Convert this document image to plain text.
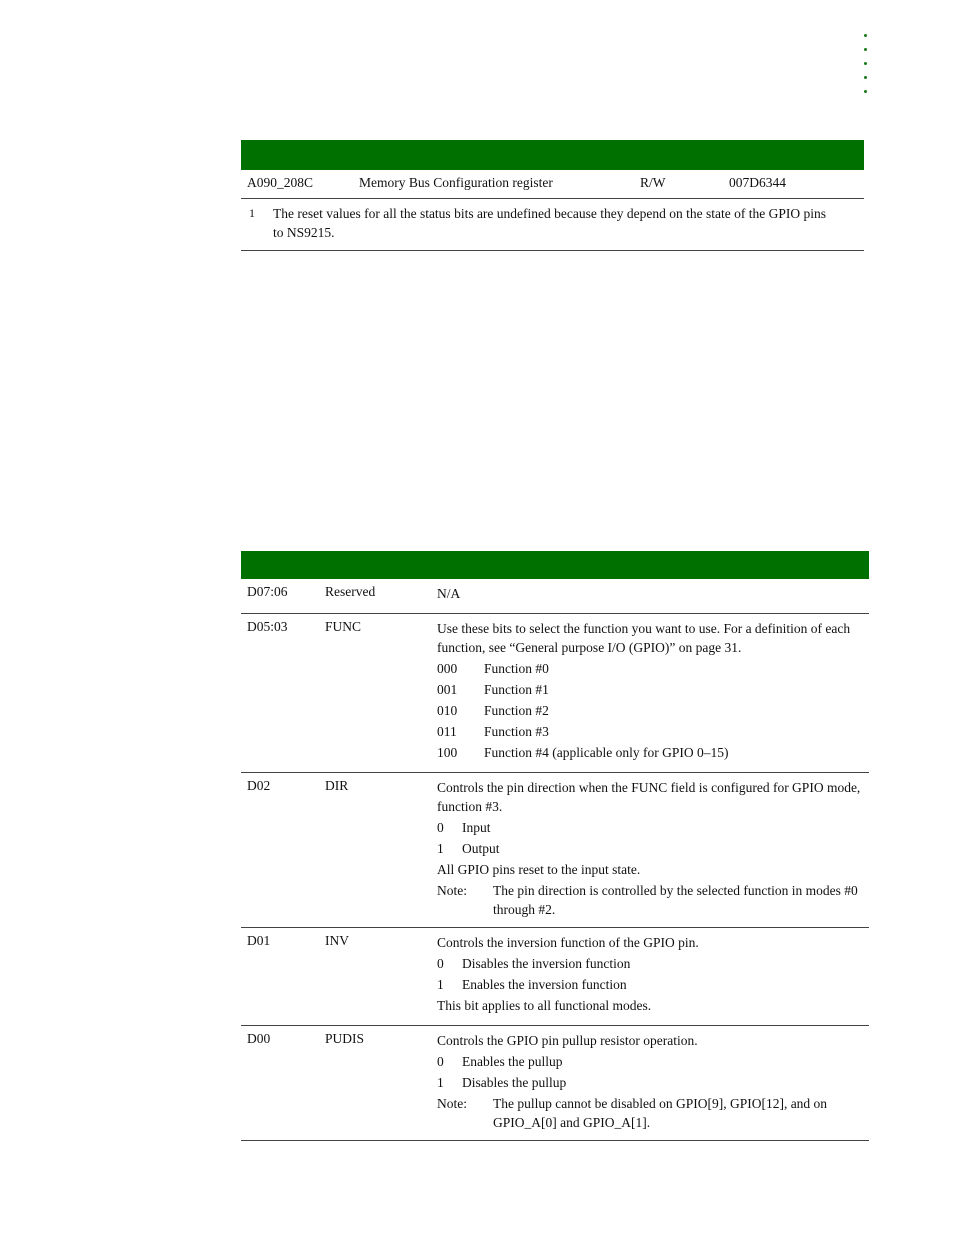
A090_208C	Memory Bus Configuration register	R/W	007D6344
1 The reset values for all the status bits are undefined because they depend on the state of the GPIO pins to NS9215.
D07:06	Reserved	N/A
D05:03	FUNC	Use these bits to select the function you want to use. For a definition of each function, see “General purpose I/O (GPIO)” on page 31.
000	Function #0
001	Function #1
010	Function #2
011	Function #3
100	Function #4 (applicable only for GPIO 0–15)
D02	DIR	Controls the pin direction when the FUNC field is configured for GPIO mode, function #3.
0	Input
1	Output
All GPIO pins reset to the input state.
Note:	The pin direction is controlled by the selected function in modes #0 through #2.
D01	INV	Controls the inversion function of the GPIO pin.
0	Disables the inversion function
1	Enables the inversion function
This bit applies to all functional modes.
D00	PUDIS	Controls the GPIO pin pullup resistor operation.
0	Enables the pullup
1	Disables the pullup
Note:	The pullup cannot be disabled on GPIO[9], GPIO[12], and on GPIO_A[0] and GPIO_A[1].
